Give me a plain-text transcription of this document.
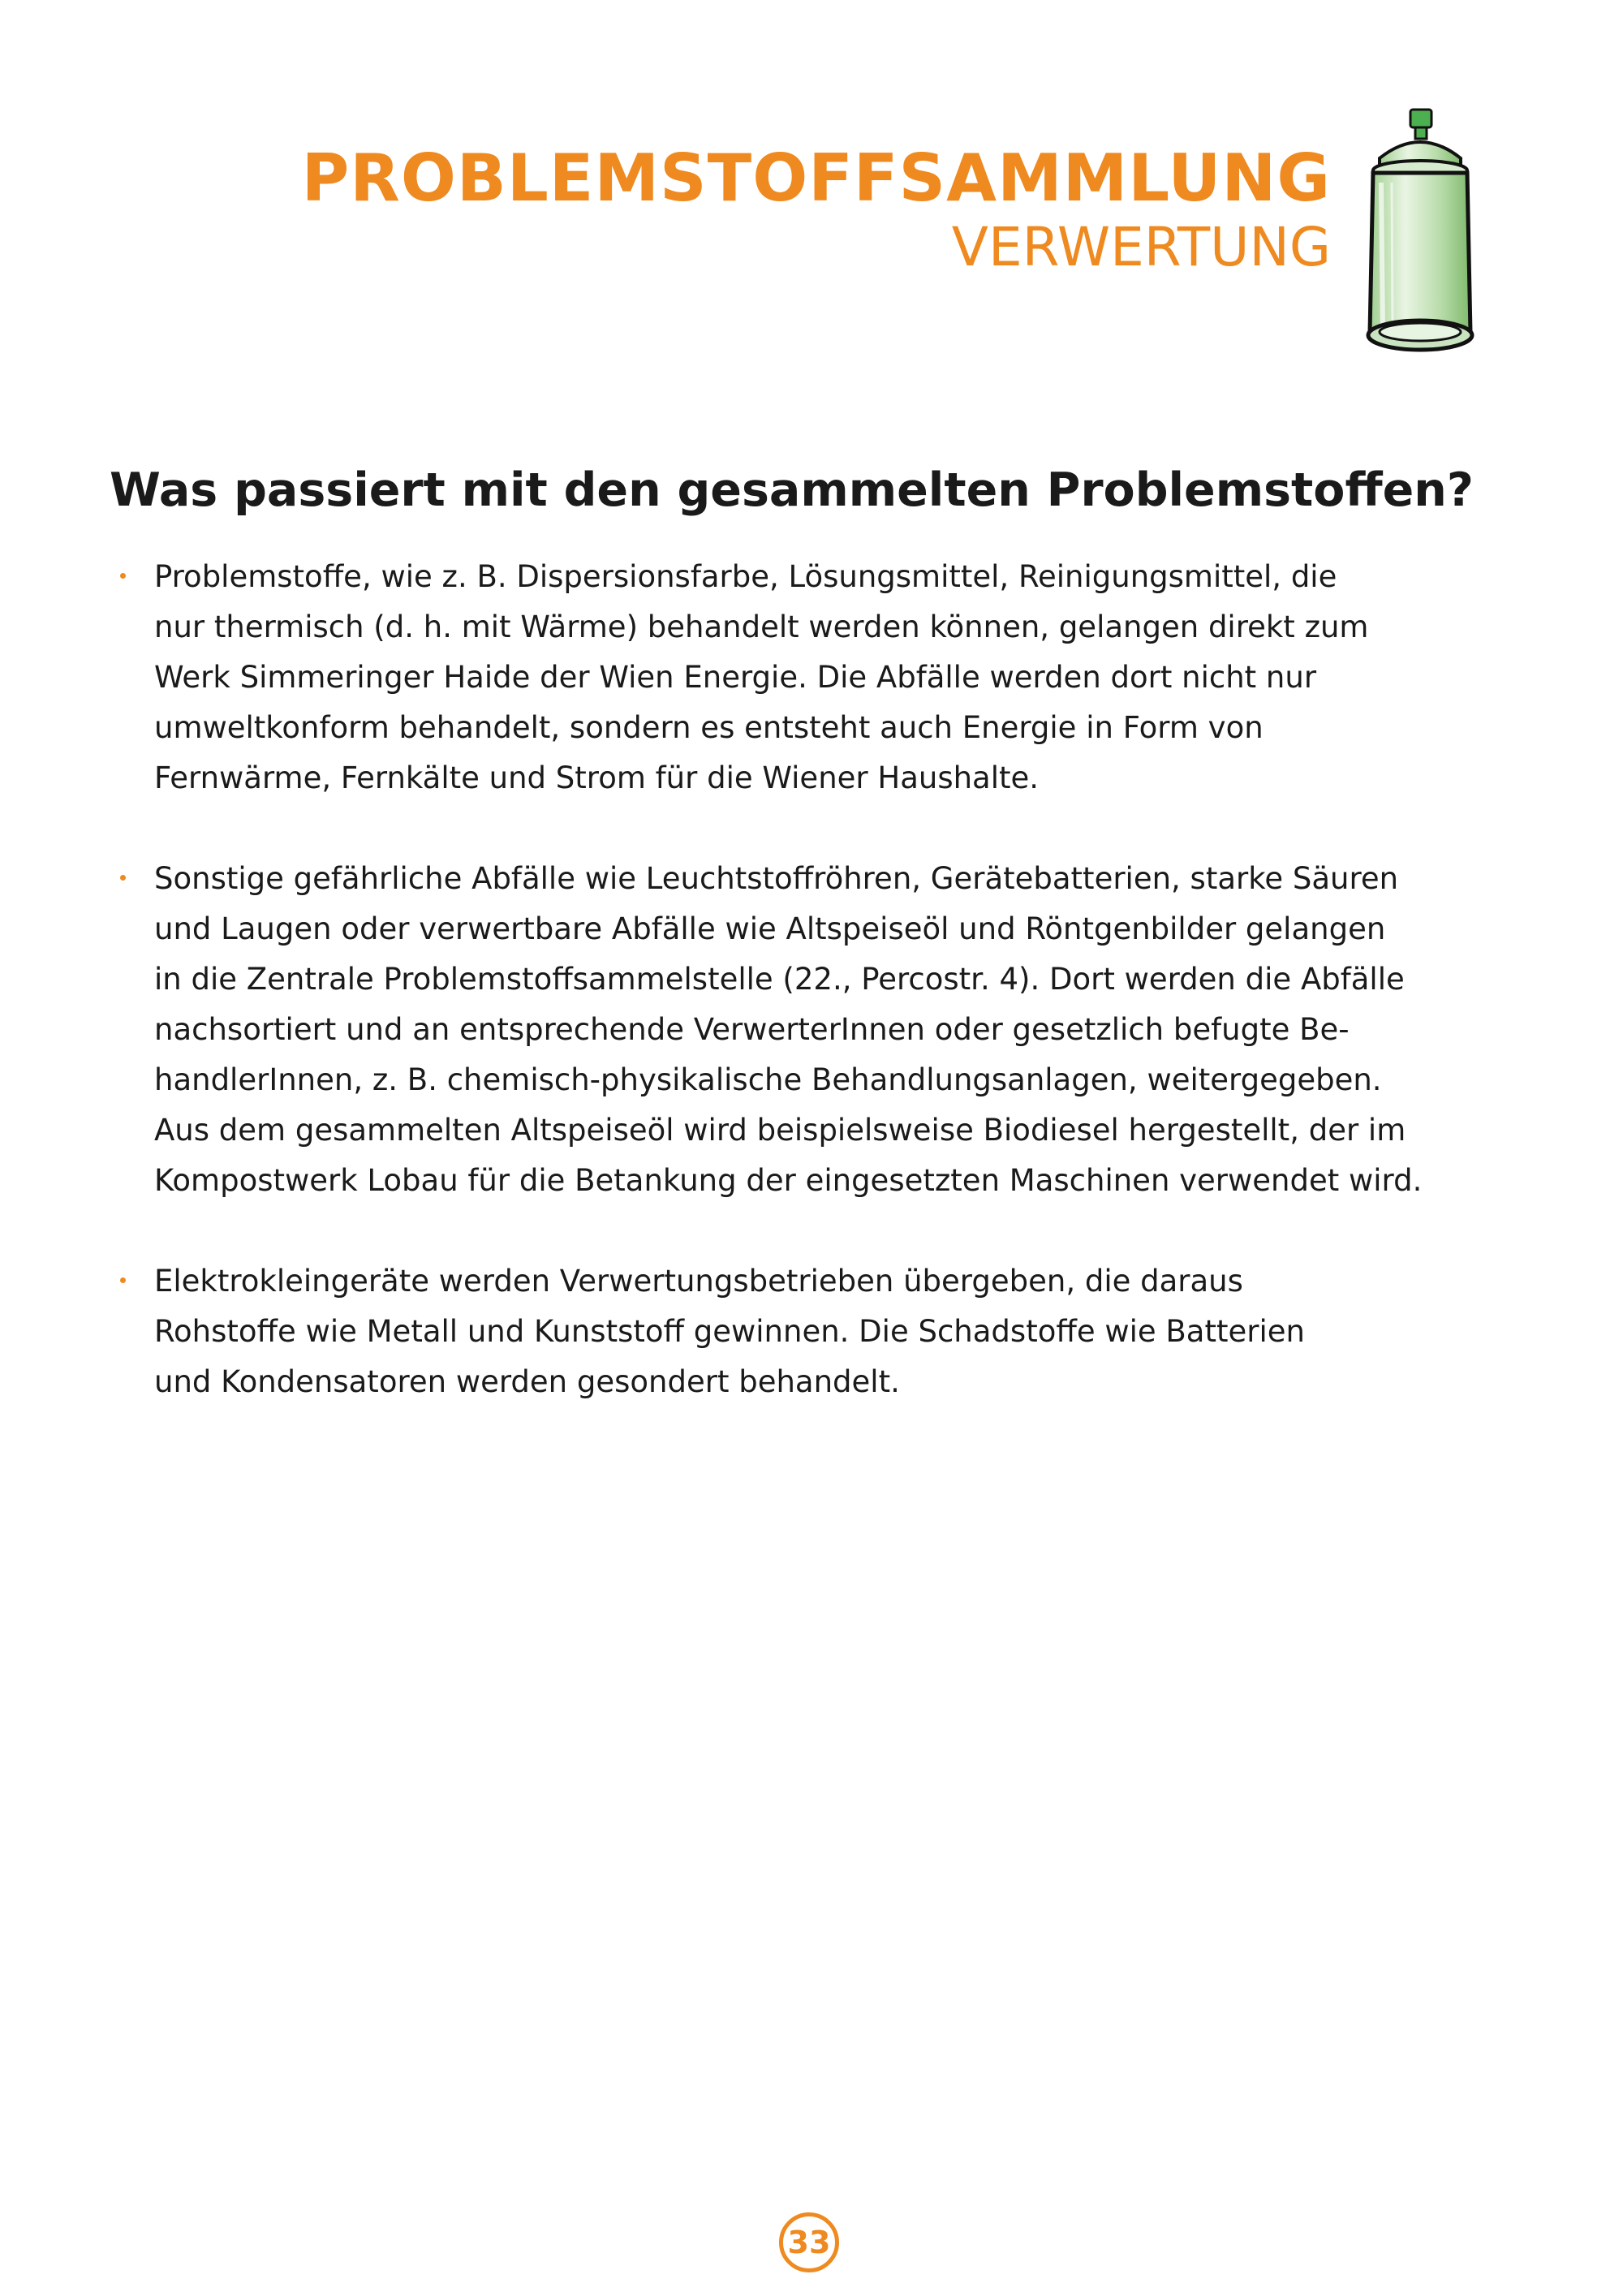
PROBLEMSTOFFSAMMLUNG
VERWERTUNG
Was passiert mit den gesammelten Problemstoffen?
Problemstoffe, wie z. B. Dispersionsfarbe, Lösungsmittel, Reinigungsmittel, die
nur thermisch (d. h. mit Wärme) behandelt werden können, gelangen direkt zum
Werk Simmeringer Haide der Wien Energie. Die Abfälle werden dort nicht nur
umweltkonform behandelt, sondern es entsteht auch Energie in Form von
Fernwärme, Fernkälte und Strom für die Wiener Haushalte.
Sonstige gefährliche Abfälle wie Leuchtstoffröhren, Gerätebatterien, starke Säuren
und Laugen oder verwertbare Abfälle wie Altspeiseöl und Röntgenbilder gelangen
in die Zentrale Problemstoffsammelstelle (22., Percostr. 4). Dort werden die Abfälle
nachsortiert und an entsprechende VerwerterInnen oder gesetzlich befugte Be-
handlerInnen, z. B. chemisch-physikalische Behandlungsanlagen, weitergegeben.
Aus dem gesammelten Altspeiseöl wird beispielsweise Biodiesel hergestellt, der im
Kompostwerk Lobau für die Betankung der eingesetzten Maschinen verwendet wird.
Elektrokleingeräte werden Verwertungsbetrieben übergeben, die daraus
Rohstoffe wie Metall und Kunststoff gewinnen. Die Schadstoffe wie Batterien
und Kondensatoren werden gesondert behandelt.
33
